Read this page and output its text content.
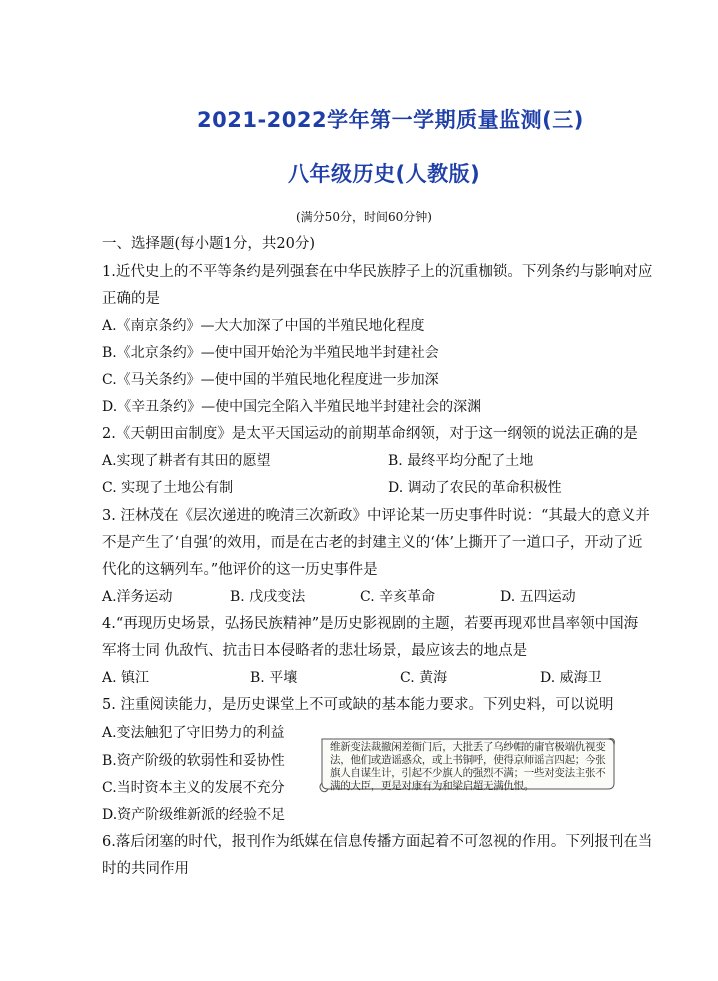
2021-2022学年第一学期质量监测(三)
八年级历史(人教版)
(满分50分，时间60分钟)
一、选择题(每小题1分，共20分)
1.近代史上的不平等条约是列强套在中华民族脖子上的沉重枷锁。下列条约与影响对应
正确的是
A.《南京条约》—大大加深了中国的半殖民地化程度
B.《北京条约》—使中国开始沦为半殖民地半封建社会
C.《马关条约》—使中国的半殖民地化程度进一步加深
D.《辛丑条约》—使中国完全陷入半殖民地半封建社会的深渊
2.《天朝田亩制度》是太平天国运动的前期革命纲领，对于这一纲领的说法正确的是
A.实现了耕者有其田的愿望	B. 最终平均分配了土地
C. 实现了土地公有制	D. 调动了农民的革命积极性
3. 汪林茂在《层次递进的晚清三次新政》中评论某一历史事件时说：“其最大的意义并
不是产生了‘自强’的效用，而是在古老的封建主义的‘体’上撕开了一道口子，开动了近
代化的这辆列车。”他评价的这一历史事件是
A.洋务运动	B. 戊戌变法	C. 辛亥革命	D. 五四运动
4.“再现历史场景，弘扬民族精神”是历史影视剧的主题，若要再现邓世昌率领中国海
军将士同 仇敌忾、抗击日本侵略者的悲壮场景，最应该去的地点是
A. 镇江	B. 平壤	C. 黄海	D. 威海卫
5. 注重阅读能力，是历史课堂上不可或缺的基本能力要求。下列史料，可以说明
A.变法触犯了守旧势力的利益
B.资产阶级的软弱性和妥协性
C.当时资本主义的发展不充分
D.资产阶级维新派的经验不足
维新变法裁撤闲差衙门后，大批丢了乌纱帽的庸官极端仇视变法，他们或造谣惑众，或上书铜呼，使得京师谣言四起；今张旗人自谋生计，引起不少旗人的强烈不满；一些对变法主张不满的大臣，更是对康有为和梁启超无满仇恨。
6.落后闭塞的时代，报刊作为纸媒在信息传播方面起着不可忽视的作用。下列报刊在当
时的共同作用
